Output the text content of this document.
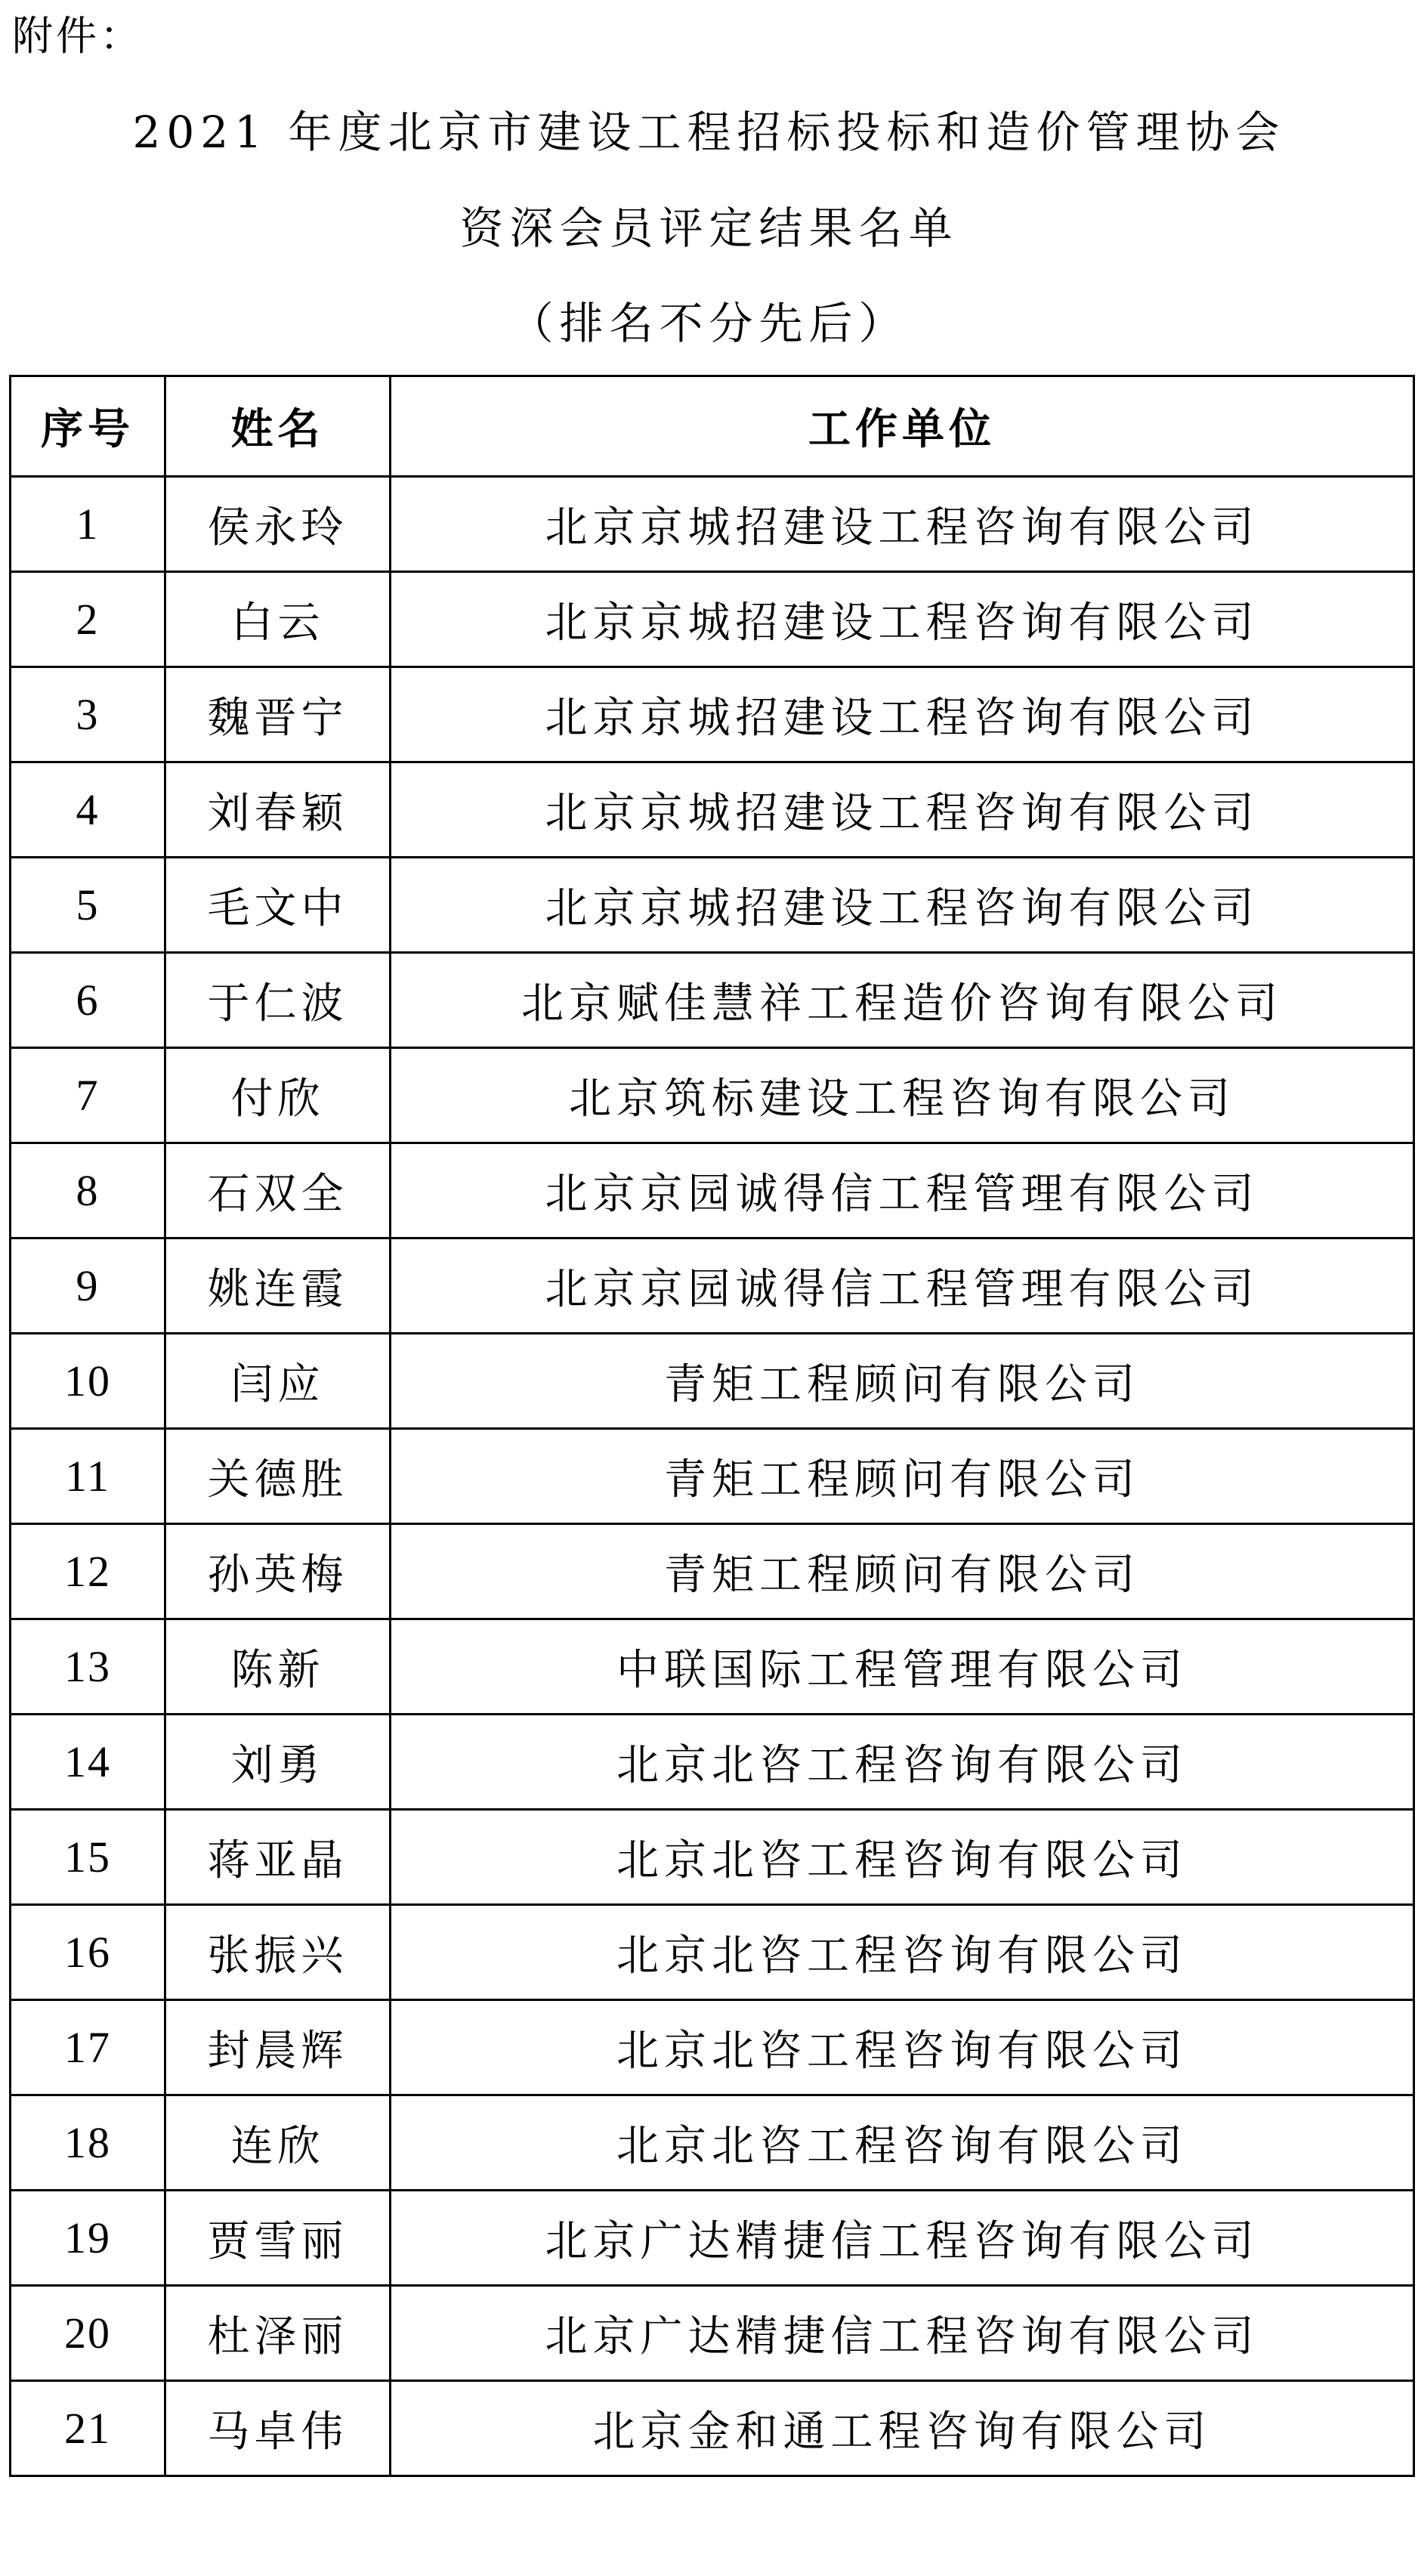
附件：
2021 年度北京市建设工程招标投标和造价管理协会
资深会员评定结果名单
（排名不分先后）
序号	姓名	工作单位
1	侯永玲	北京京城招建设工程咨询有限公司
2	白云	北京京城招建设工程咨询有限公司
3	魏晋宁	北京京城招建设工程咨询有限公司
4	刘春颖	北京京城招建设工程咨询有限公司
5	毛文中	北京京城招建设工程咨询有限公司
6	于仁波	北京赋佳慧祥工程造价咨询有限公司
7	付欣	北京筑标建设工程咨询有限公司
8	石双全	北京京园诚得信工程管理有限公司
9	姚连霞	北京京园诚得信工程管理有限公司
10	闫应	青矩工程顾问有限公司
11	关德胜	青矩工程顾问有限公司
12	孙英梅	青矩工程顾问有限公司
13	陈新	中联国际工程管理有限公司
14	刘勇	北京北咨工程咨询有限公司
15	蒋亚晶	北京北咨工程咨询有限公司
16	张振兴	北京北咨工程咨询有限公司
17	封晨辉	北京北咨工程咨询有限公司
18	连欣	北京北咨工程咨询有限公司
19	贾雪丽	北京广达精捷信工程咨询有限公司
20	杜泽丽	北京广达精捷信工程咨询有限公司
21	马卓伟	北京金和通工程咨询有限公司
